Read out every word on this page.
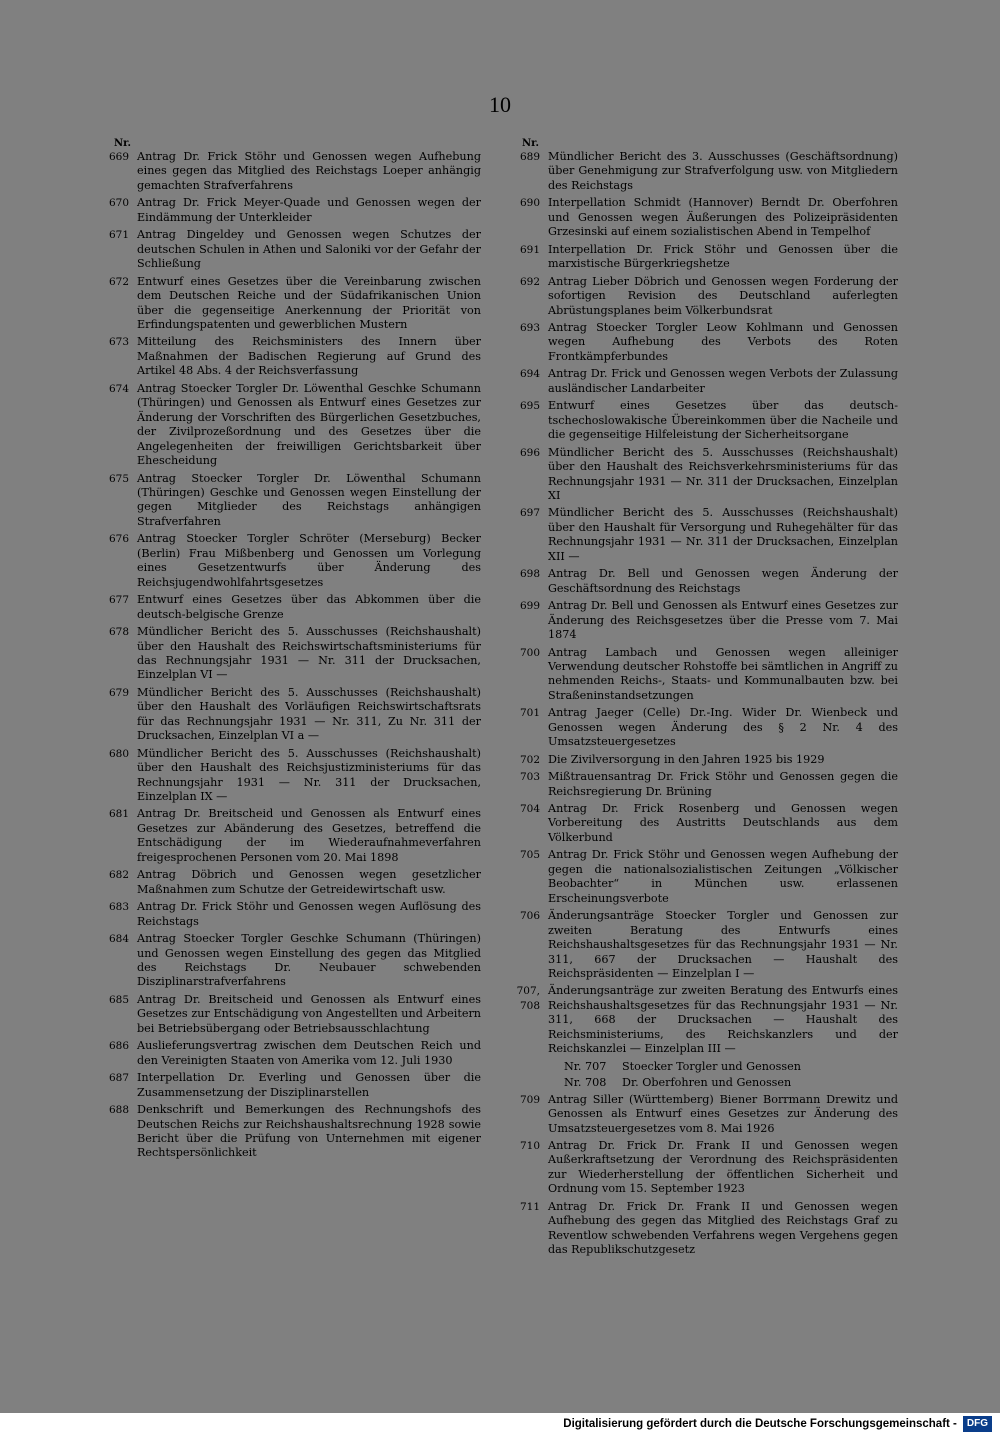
10
Nr.
669 Antrag Dr. Frick Stöhr und Genossen wegen Aufhebung eines gegen das Mitglied des Reichstags Loeper anhängig gemachten Strafverfahrens
670 Antrag Dr. Frick Meyer-Quade und Genossen wegen der Eindämmung der Unterkleider
671 Antrag Dingeldey und Genossen wegen Schutzes der deutschen Schulen in Athen und Saloniki vor der Gefahr der Schließung
672 Entwurf eines Gesetzes über die Vereinbarung zwischen dem Deutschen Reiche und der Südafrikanischen Union über die gegenseitige Anerkennung der Priorität von Erfindungspatenten und gewerblichen Mustern
673 Mitteilung des Reichsministers des Innern über Maßnahmen der Badischen Regierung auf Grund des Artikel 48 Abs. 4 der Reichsverfassung
674 Antrag Stoecker Torgler Dr. Löwenthal Geschke Schumann (Thüringen) und Genossen als Entwurf eines Gesetzes zur Änderung der Vorschriften des Bürgerlichen Gesetzbuches, der Zivilprozeßordnung und des Gesetzes über die Angelegenheiten der freiwilligen Gerichtsbarkeit über Ehescheidung
675 Antrag Stoecker Torgler Dr. Löwenthal Schumann (Thüringen) Geschke und Genossen wegen Einstellung der gegen Mitglieder des Reichstags anhängigen Strafverfahren
676 Antrag Stoecker Torgler Schröter (Merseburg) Becker (Berlin) Frau Mißbenberg und Genossen um Vorlegung eines Gesetzentwurfs über Änderung des Reichsjugendwohlfahrtsgesetzes
677 Entwurf eines Gesetzes über das Abkommen über die deutsch-belgische Grenze
678 Mündlicher Bericht des 5. Ausschusses (Reichshaushalt) über den Haushalt des Reichswirtschaftsministeriums für das Rechnungsjahr 1931 — Nr. 311 der Drucksachen, Einzelplan VI —
679 Mündlicher Bericht des 5. Ausschusses (Reichshaushalt) über den Haushalt des Vorläufigen Reichswirtschaftsrats für das Rechnungsjahr 1931 — Nr. 311, Zu Nr. 311 der Drucksachen, Einzelplan VI a —
680 Mündlicher Bericht des 5. Ausschusses (Reichshaushalt) über den Haushalt des Reichsjustizministeriums für das Rechnungsjahr 1931 — Nr. 311 der Drucksachen, Einzelplan IX —
681 Antrag Dr. Breitscheid und Genossen als Entwurf eines Gesetzes zur Abänderung des Gesetzes, betreffend die Entschädigung der im Wiederaufnahmeverfahren freigesprochenen Personen vom 20. Mai 1898
682 Antrag Döbrich und Genossen wegen gesetzlicher Maßnahmen zum Schutze der Getreidewirtschaft usw.
683 Antrag Dr. Frick Stöhr und Genossen wegen Auflösung des Reichstags
684 Antrag Stoecker Torgler Geschke Schumann (Thüringen) und Genossen wegen Einstellung des gegen das Mitglied des Reichstags Dr. Neubauer schwebenden Disziplinarstrafverfahrens
685 Antrag Dr. Breitscheid und Genossen als Entwurf eines Gesetzes zur Entschädigung von Angestellten und Arbeitern bei Betriebsübergang oder Betriebsausschlachtung
686 Auslieferungsvertrag zwischen dem Deutschen Reich und den Vereinigten Staaten von Amerika vom 12. Juli 1930
687 Interpellation Dr. Everling und Genossen über die Zusammensetzung der Disziplinarstellen
688 Denkschrift und Bemerkungen des Rechnungshofs des Deutschen Reichs zur Reichshaushaltsrechnung 1928 sowie Bericht über die Prüfung von Unternehmen mit eigener Rechtspersönlichkeit
Nr.
689 Mündlicher Bericht des 3. Ausschusses (Geschäftsordnung) über Genehmigung zur Strafverfolgung usw. von Mitgliedern des Reichstags
690 Interpellation Schmidt (Hannover) Berndt Dr. Oberfohren und Genossen wegen Äußerungen des Polizeipräsidenten Grzesinski auf einem sozialistischen Abend in Tempelhof
691 Interpellation Dr. Frick Stöhr und Genossen über die marxistische Bürgerkriegshetze
692 Antrag Lieber Döbrich und Genossen wegen Forderung der sofortigen Revision des Deutschland auferlegten Abrüstungsplanes beim Völkerbundsrat
693 Antrag Stoecker Torgler Leow Kohlmann und Genossen wegen Aufhebung des Verbots des Roten Frontkämpferbundes
694 Antrag Dr. Frick und Genossen wegen Verbots der Zulassung ausländischer Landarbeiter
695 Entwurf eines Gesetzes über das deutsch-tschechoslowakische Übereinkommen über die Nacheile und die gegenseitige Hilfeleistung der Sicherheitsorgane
696 Mündlicher Bericht des 5. Ausschusses (Reichshaushalt) über den Haushalt des Reichsverkehrsministeriums für das Rechnungsjahr 1931 — Nr. 311 der Drucksachen, Einzelplan XI
697 Mündlicher Bericht des 5. Ausschusses (Reichshaushalt) über den Haushalt für Versorgung und Ruhegehälter für das Rechnungsjahr 1931 — Nr. 311 der Drucksachen, Einzelplan XII —
698 Antrag Dr. Bell und Genossen wegen Änderung der Geschäftsordnung des Reichstags
699 Antrag Dr. Bell und Genossen als Entwurf eines Gesetzes zur Änderung des Reichsgesetzes über die Presse vom 7. Mai 1874
700 Antrag Lambach und Genossen wegen alleiniger Verwendung deutscher Rohstoffe bei sämtlichen in Angriff zu nehmenden Reichs-, Staats- und Kommunalbauten bzw. bei Straßeninstandsetzungen
701 Antrag Jaeger (Celle) Dr.-Ing. Wider Dr. Wienbeck und Genossen wegen Änderung des § 2 Nr. 4 des Umsatzsteuergesetzes
702 Die Zivilversorgung in den Jahren 1925 bis 1929
703 Mißtrauensantrag Dr. Frick Stöhr und Genossen gegen die Reichsregierung Dr. Brüning
704 Antrag Dr. Frick Rosenberg und Genossen wegen Vorbereitung des Austritts Deutschlands aus dem Völkerbund
705 Antrag Dr. Frick Stöhr und Genossen wegen Aufhebung der gegen die nationalsozialistischen Zeitungen „Völkischer Beobachter“ in München usw. erlassenen Erscheinungsverbote
706 Änderungsanträge Stoecker Torgler und Genossen zur zweiten Beratung des Entwurfs eines Reichshaushaltsgesetzes für das Rechnungsjahr 1931 — Nr. 311, 667 der Drucksachen — Haushalt des Reichspräsidenten — Einzelplan I —
707, 708
Änderungsanträge zur zweiten Beratung des Entwurfs eines Reichshaushaltsgesetzes für das Rechnungsjahr 1931 — Nr. 311, 668 der Drucksachen — Haushalt des Reichsministeriums, des Reichskanzlers und der Reichskanzlei — Einzelplan III —
Nr. 707	Stoecker Torgler und Genossen
Nr. 708	Dr. Oberfohren und Genossen
709 Antrag Siller (Württemberg) Biener Borrmann Drewitz und Genossen als Entwurf eines Gesetzes zur Änderung des Umsatzsteuergesetzes vom 8. Mai 1926
710 Antrag Dr. Frick Dr. Frank II und Genossen wegen Außerkraftsetzung der Verordnung des Reichspräsidenten zur Wiederherstellung der öffentlichen Sicherheit und Ordnung vom 15. September 1923
711 Antrag Dr. Frick Dr. Frank II und Genossen wegen Aufhebung des gegen das Mitglied des Reichstags Graf zu Reventlow schwebenden Verfahrens wegen Vergehens gegen das Republikschutzgesetz
Digitalisierung gefördert durch die Deutsche Forschungsgemeinschaft -	DFG
